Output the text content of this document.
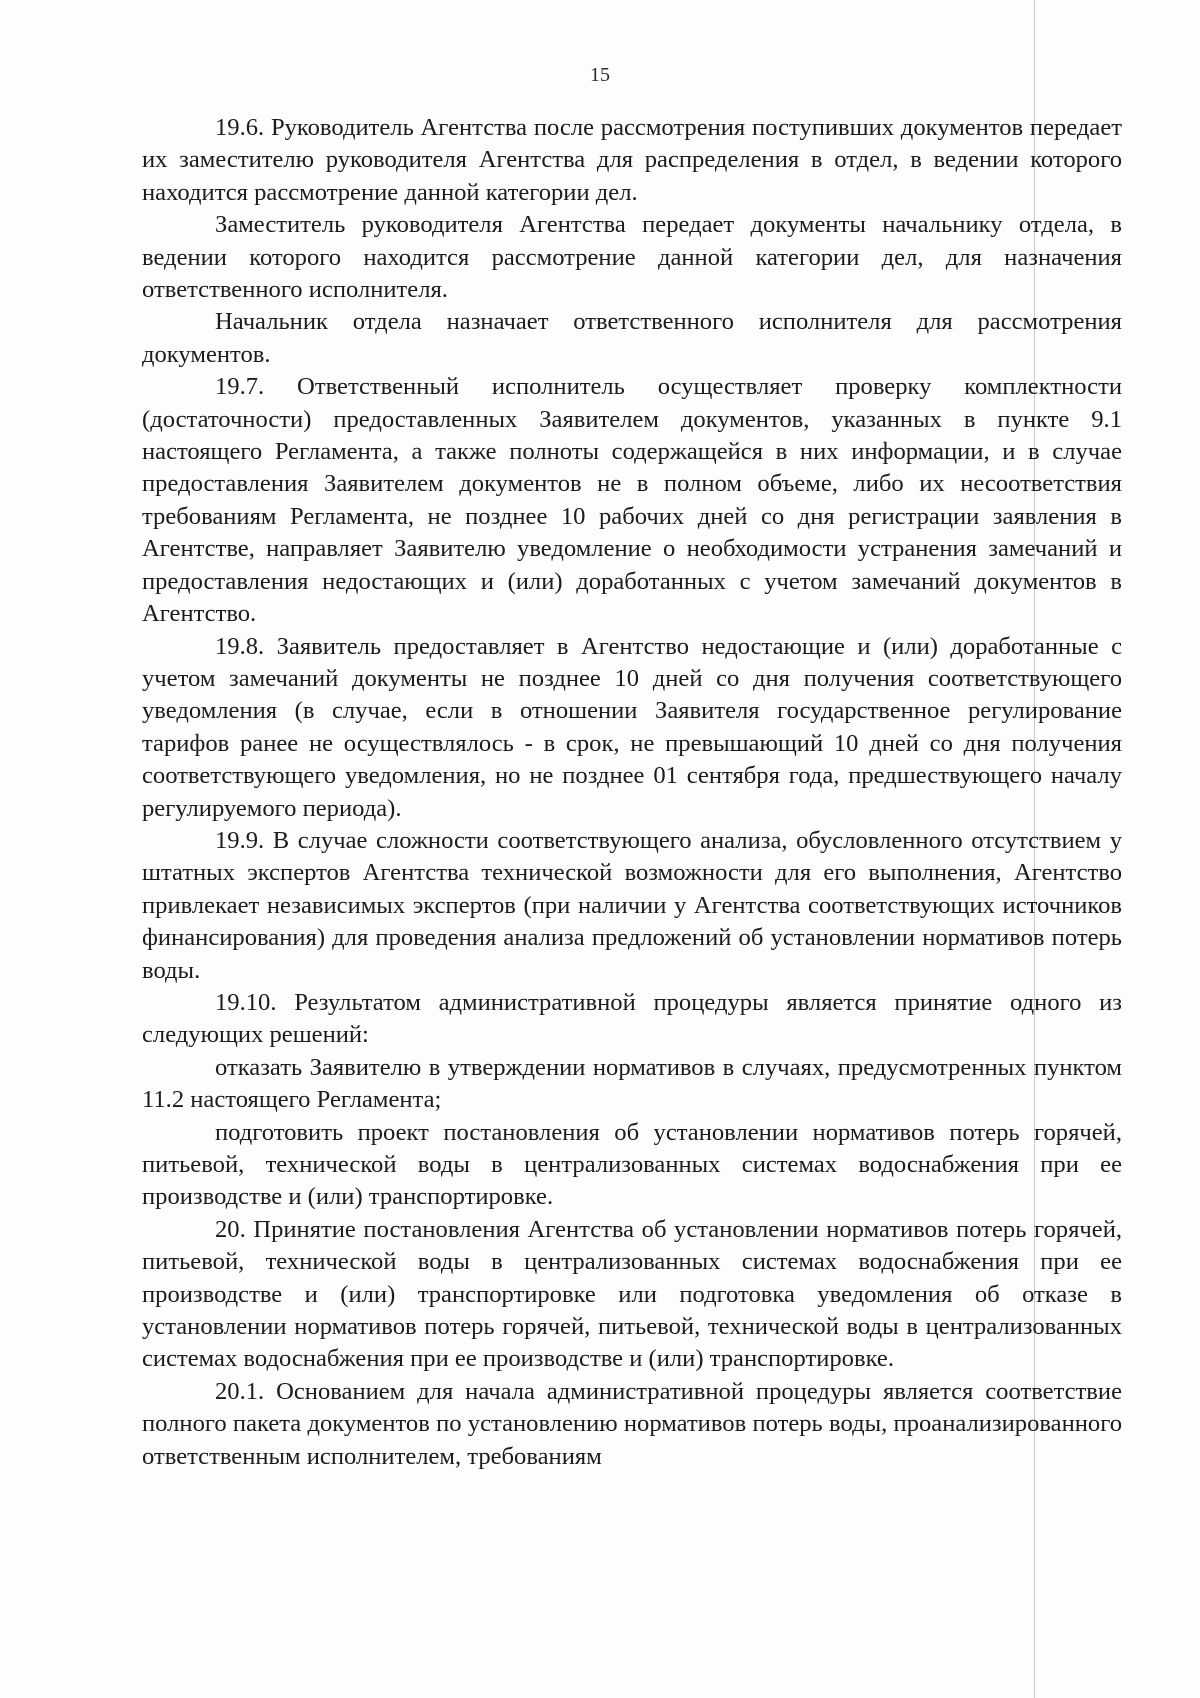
15

19.6. Руководитель Агентства после рассмотрения поступивших документов передает их заместителю руководителя Агентства для распределения в отдел, в ведении которого находится рассмотрение данной категории дел.

Заместитель руководителя Агентства передает документы начальнику отдела, в ведении которого находится рассмотрение данной категории дел, для назначения ответственного исполнителя.

Начальник отдела назначает ответственного исполнителя для рассмотрения документов.

19.7. Ответственный исполнитель осуществляет проверку комплектности (достаточности) предоставленных Заявителем документов, указанных в пункте 9.1 настоящего Регламента, а также полноты содержащейся в них информации, и в случае предоставления Заявителем документов не в полном объеме, либо их несоответствия требованиям Регламента, не позднее 10 рабочих дней со дня регистрации заявления в Агентстве, направляет Заявителю уведомление о необходимости устранения замечаний и предоставления недостающих и (или) доработанных с учетом замечаний документов в Агентство.

19.8. Заявитель предоставляет в Агентство недостающие и (или) доработанные с учетом замечаний документы не позднее 10 дней со дня получения соответствующего уведомления (в случае, если в отношении Заявителя государственное регулирование тарифов ранее не осуществлялось - в срок, не превышающий 10 дней со дня получения соответствующего уведомления, но не позднее 01 сентября года, предшествующего началу регулируемого периода).

19.9. В случае сложности соответствующего анализа, обусловленного отсутствием у штатных экспертов Агентства технической возможности для его выполнения, Агентство привлекает независимых экспертов (при наличии у Агентства соответствующих источников финансирования) для проведения анализа предложений об установлении нормативов потерь воды.

19.10. Результатом административной процедуры является принятие одного из следующих решений:

отказать Заявителю в утверждении нормативов в случаях, предусмотренных пунктом 11.2 настоящего Регламента;

подготовить проект постановления об установлении нормативов потерь горячей, питьевой, технической воды в централизованных системах водоснабжения при ее производстве и (или) транспортировке.

20. Принятие постановления Агентства об установлении нормативов потерь горячей, питьевой, технической воды в централизованных системах водоснабжения при ее производстве и (или) транспортировке или подготовка уведомления об отказе в установлении нормативов потерь горячей, питьевой, технической воды в централизованных системах водоснабжения при ее производстве и (или) транспортировке.

20.1. Основанием для начала административной процедуры является соответствие полного пакета документов по установлению нормативов потерь воды, проанализированного ответственным исполнителем, требованиям
